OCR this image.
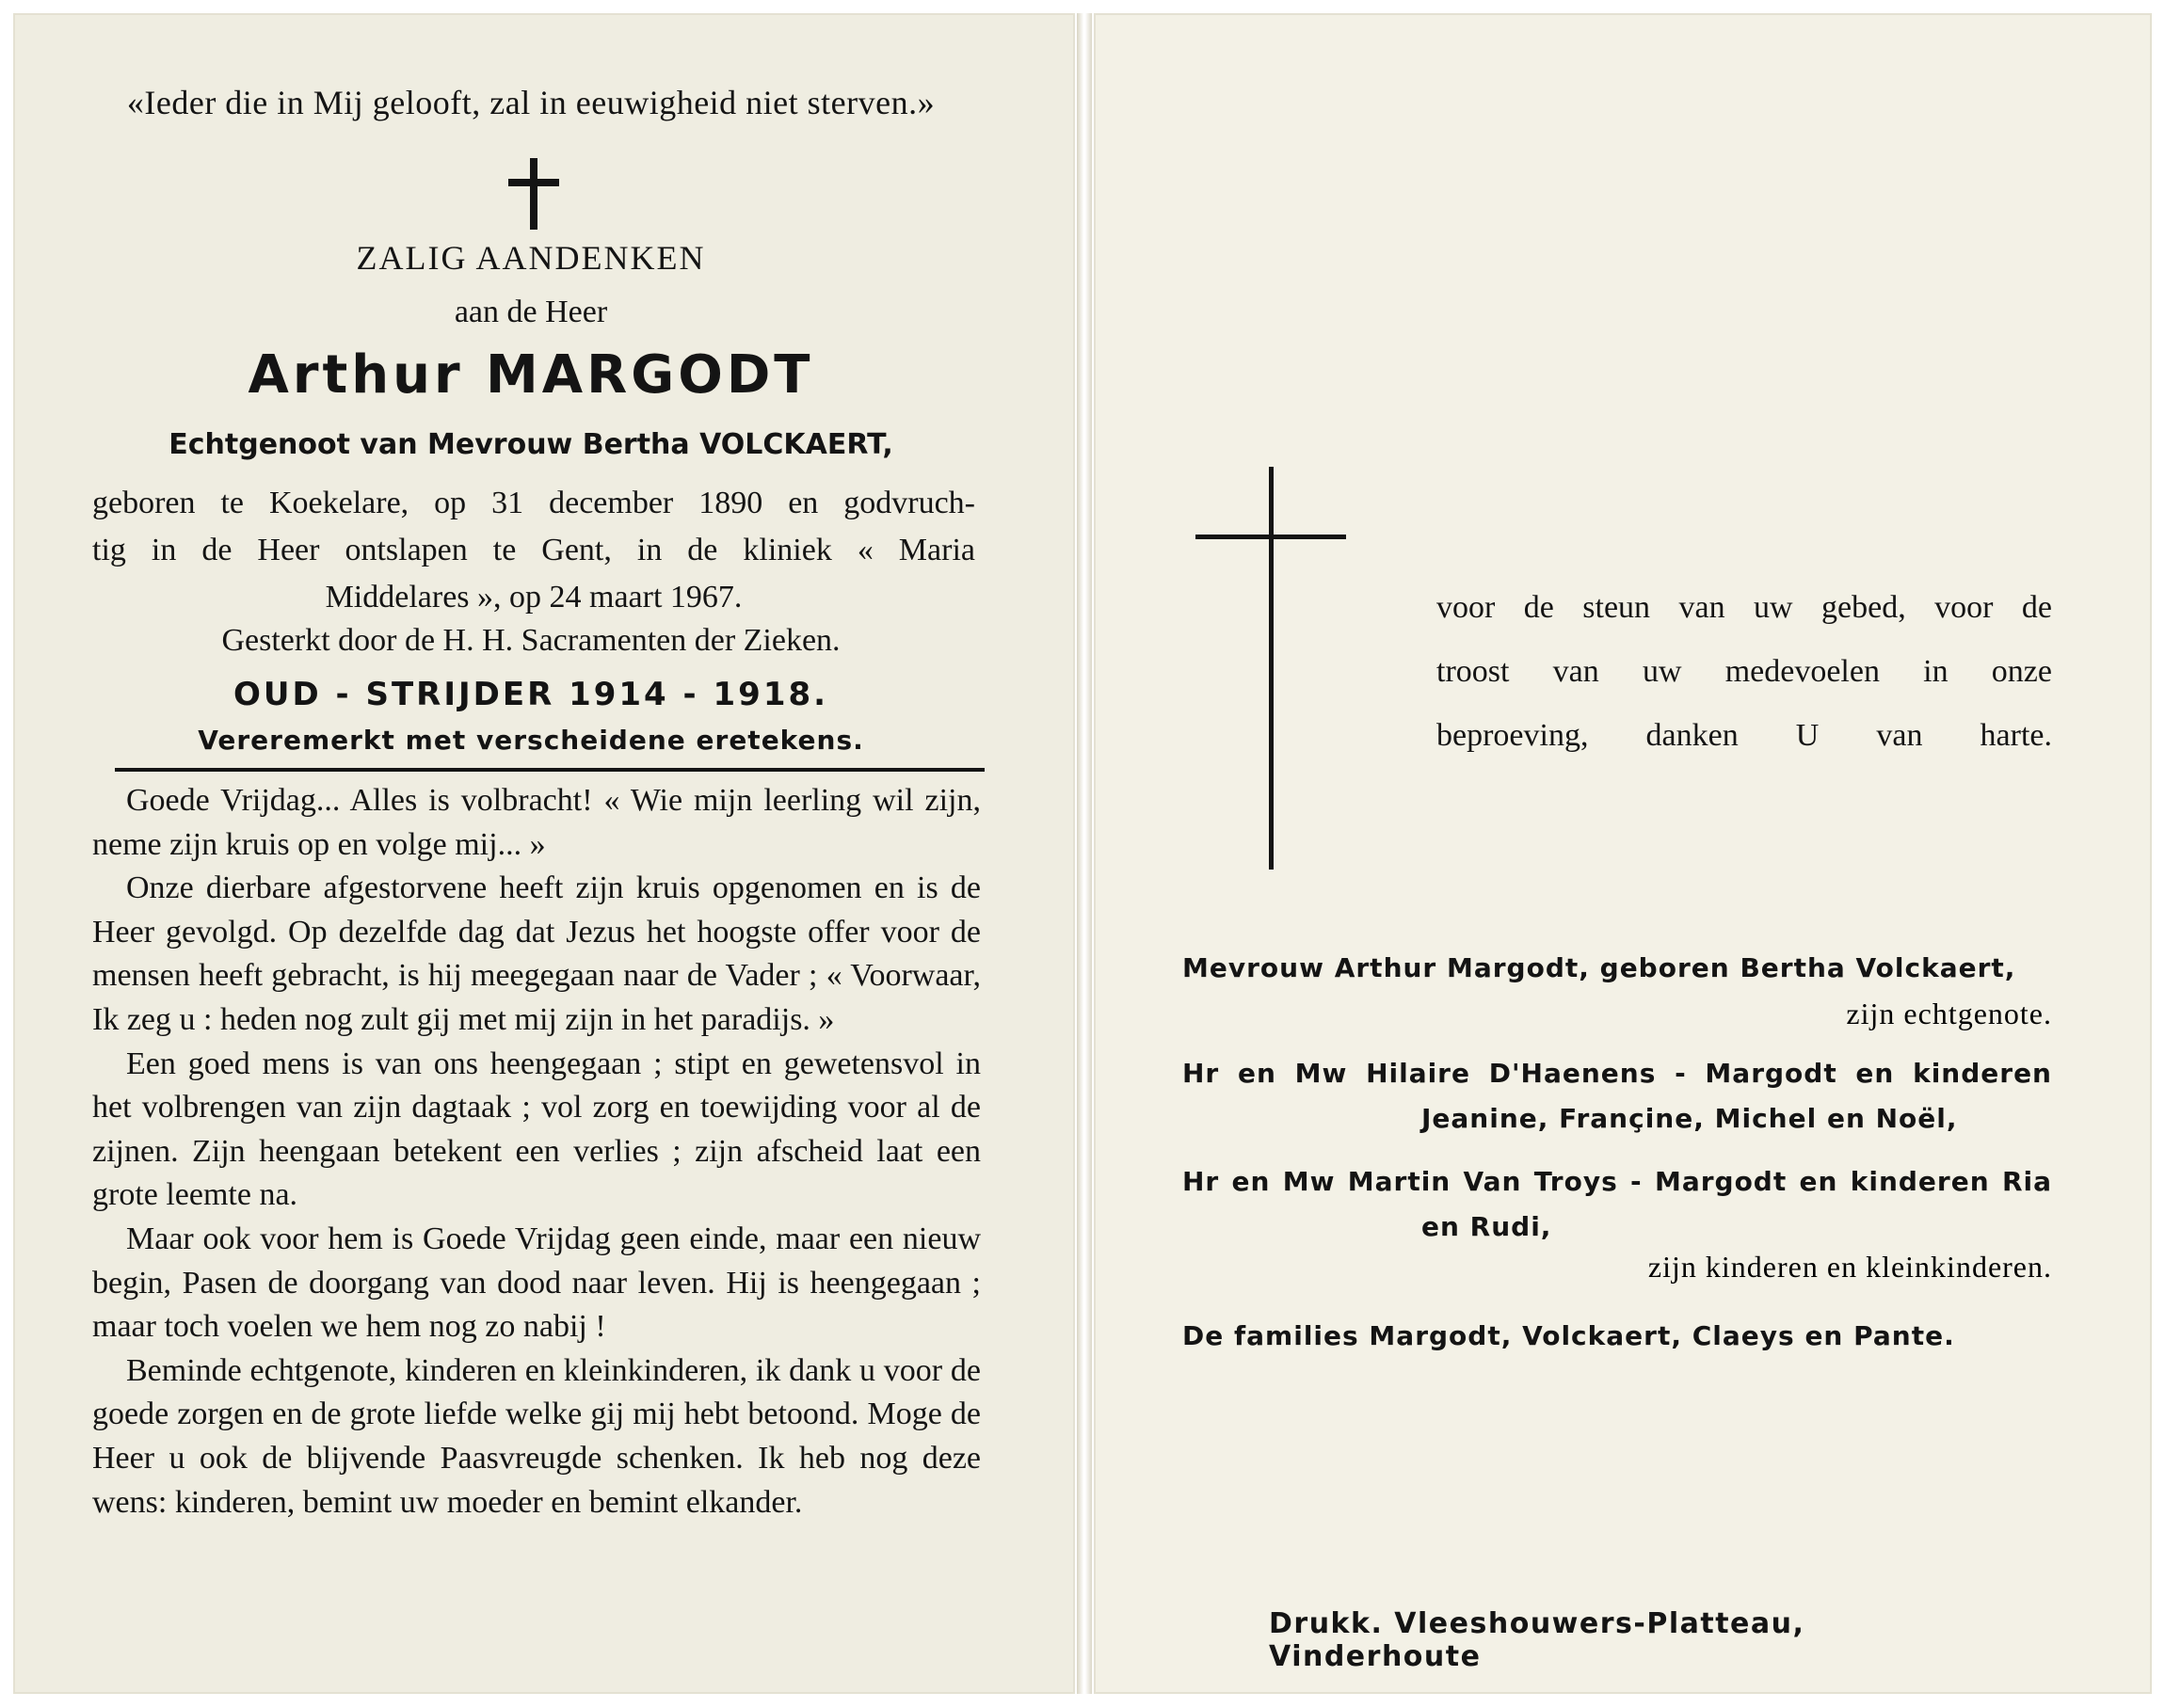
«Ieder die in Mij gelooft, zal in eeuwigheid niet sterven.»

ZALIG AANDENKEN

aan de Heer

Arthur MARGODT

Echtgenoot van Mevrouw Bertha VOLCKAERT,

geboren te Koekelare, op 31 december 1890 en godvruch-
tig in de Heer ontslapen te Gent, in de kliniek « Maria
Middelares », op 24 maart 1967.

Gesterkt door de H. H. Sacramenten der Zieken.

OUD - STRIJDER 1914 - 1918.

Vereremerkt met verscheidene eretekens.

Goede Vrijdag... Alles is volbracht! « Wie mijn leerling wil zijn, neme zijn kruis op en volge mij... »

Onze dierbare afgestorvene heeft zijn kruis opgenomen en is de Heer gevolgd. Op dezelfde dag dat Jezus het hoogste offer voor de mensen heeft gebracht, is hij meegegaan naar de Vader ; « Voorwaar, Ik zeg u : heden nog zult gij met mij zijn in het paradijs. »

Een goed mens is van ons heengegaan ; stipt en gewetensvol in het volbrengen van zijn dagtaak ; vol zorg en toewijding voor al de zijnen. Zijn heengaan betekent een verlies ; zijn afscheid laat een grote leemte na.

Maar ook voor hem is Goede Vrijdag geen einde, maar een nieuw begin, Pasen de doorgang van dood naar leven. Hij is heengegaan ; maar toch voelen we hem nog zo nabij !

Beminde echtgenote, kinderen en kleinkinderen, ik dank u voor de goede zorgen en de grote liefde welke gij mij hebt betoond. Moge de Heer u ook de blijvende Paasvreugde schenken. Ik heb nog deze wens: kinderen, bemint uw moeder en bemint elkander.

voor de steun van uw gebed, voor de
troost van uw medevoelen in onze
beproeving, danken U van harte.

Mevrouw Arthur Margodt, geboren Bertha Volckaert,

zijn echtgenote.

Hr en Mw Hilaire D'Haenens - Margodt en kinderen

Jeanine, Françine, Michel en Noël,

Hr en Mw Martin Van Troys - Margodt en kinderen Ria

en Rudi,

zijn kinderen en kleinkinderen.

De families Margodt, Volckaert, Claeys en Pante.

Drukk. Vleeshouwers-Platteau, Vinderhoute
